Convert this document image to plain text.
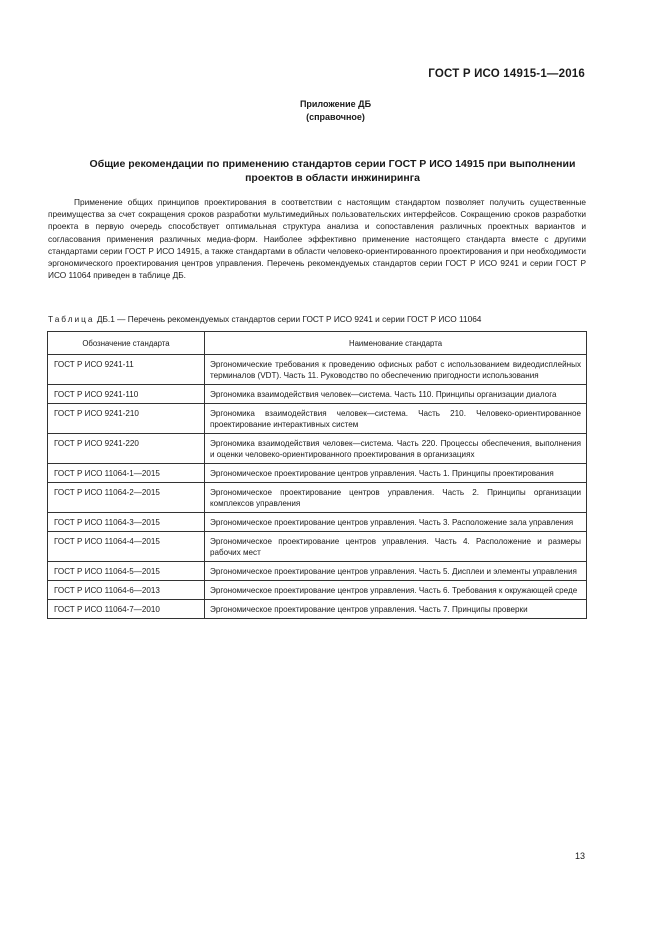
ГОСТ Р ИСО 14915-1—2016
Приложение ДБ
(справочное)
Общие рекомендации по применению стандартов серии ГОСТ Р ИСО 14915 при выполнении
проектов в области инжиниринга

Применение общих принципов проектирования в соответствии с настоящим стандартом позволяет получить существенные преимущества за счет сокращения сроков разработки мультимедийных пользовательских интерфейсов. Сокращению сроков разработки проекта в первую очередь способствует оптимальная структура анализа и сопоставления различных проектных вариантов и согласования применения различных медиа-форм. Наиболее эффективно применение настоящего стандарта вместе с другими стандартами серии ГОСТ Р ИСО 14915, а также стандартами в области человеко-ориентированного проектирования и при необходимости эргономического проектирования центров управления. Перечень рекомендуемых стандартов серии ГОСТ Р ИСО 9241 и серии ГОСТ Р ИСО 11064 приведен в таблице ДБ.

Таблица ДБ.1 — Перечень рекомендуемых стандартов серии ГОСТ Р ИСО 9241 и серии ГОСТ Р ИСО 11064
Обозначение стандарта	Наименование стандарта
ГОСТ Р ИСО 9241-11	Эргономические требования к проведению офисных работ с использованием видеодисплейных терминалов (VDT). Часть 11. Руководство по обеспечению пригодности использования
ГОСТ Р ИСО 9241-110	Эргономика взаимодействия человек—система. Часть 110. Принципы организации диалога
ГОСТ Р ИСО 9241-210	Эргономика взаимодействия человек—система. Часть 210. Человеко-ориентированное проектирование интерактивных систем
ГОСТ Р ИСО 9241-220	Эргономика взаимодействия человек—система. Часть 220. Процессы обеспечения, выполнения и оценки человеко-ориентированного проектирования в организациях
ГОСТ Р ИСО 11064-1—2015	Эргономическое проектирование центров управления. Часть 1. Принципы проектирования
ГОСТ Р ИСО 11064-2—2015	Эргономическое проектирование центров управления. Часть 2. Принципы организации комплексов управления
ГОСТ Р ИСО 11064-3—2015	Эргономическое проектирование центров управления. Часть 3. Расположение зала управления
ГОСТ Р ИСО 11064-4—2015	Эргономическое проектирование центров управления. Часть 4. Расположение и размеры рабочих мест
ГОСТ Р ИСО 11064-5—2015	Эргономическое проектирование центров управления. Часть 5. Дисплеи и элементы управления
ГОСТ Р ИСО 11064-6—2013	Эргономическое проектирование центров управления. Часть 6. Требования к окружающей среде
ГОСТ Р ИСО 11064-7—2010	Эргономическое проектирование центров управления. Часть 7. Принципы проверки
13
